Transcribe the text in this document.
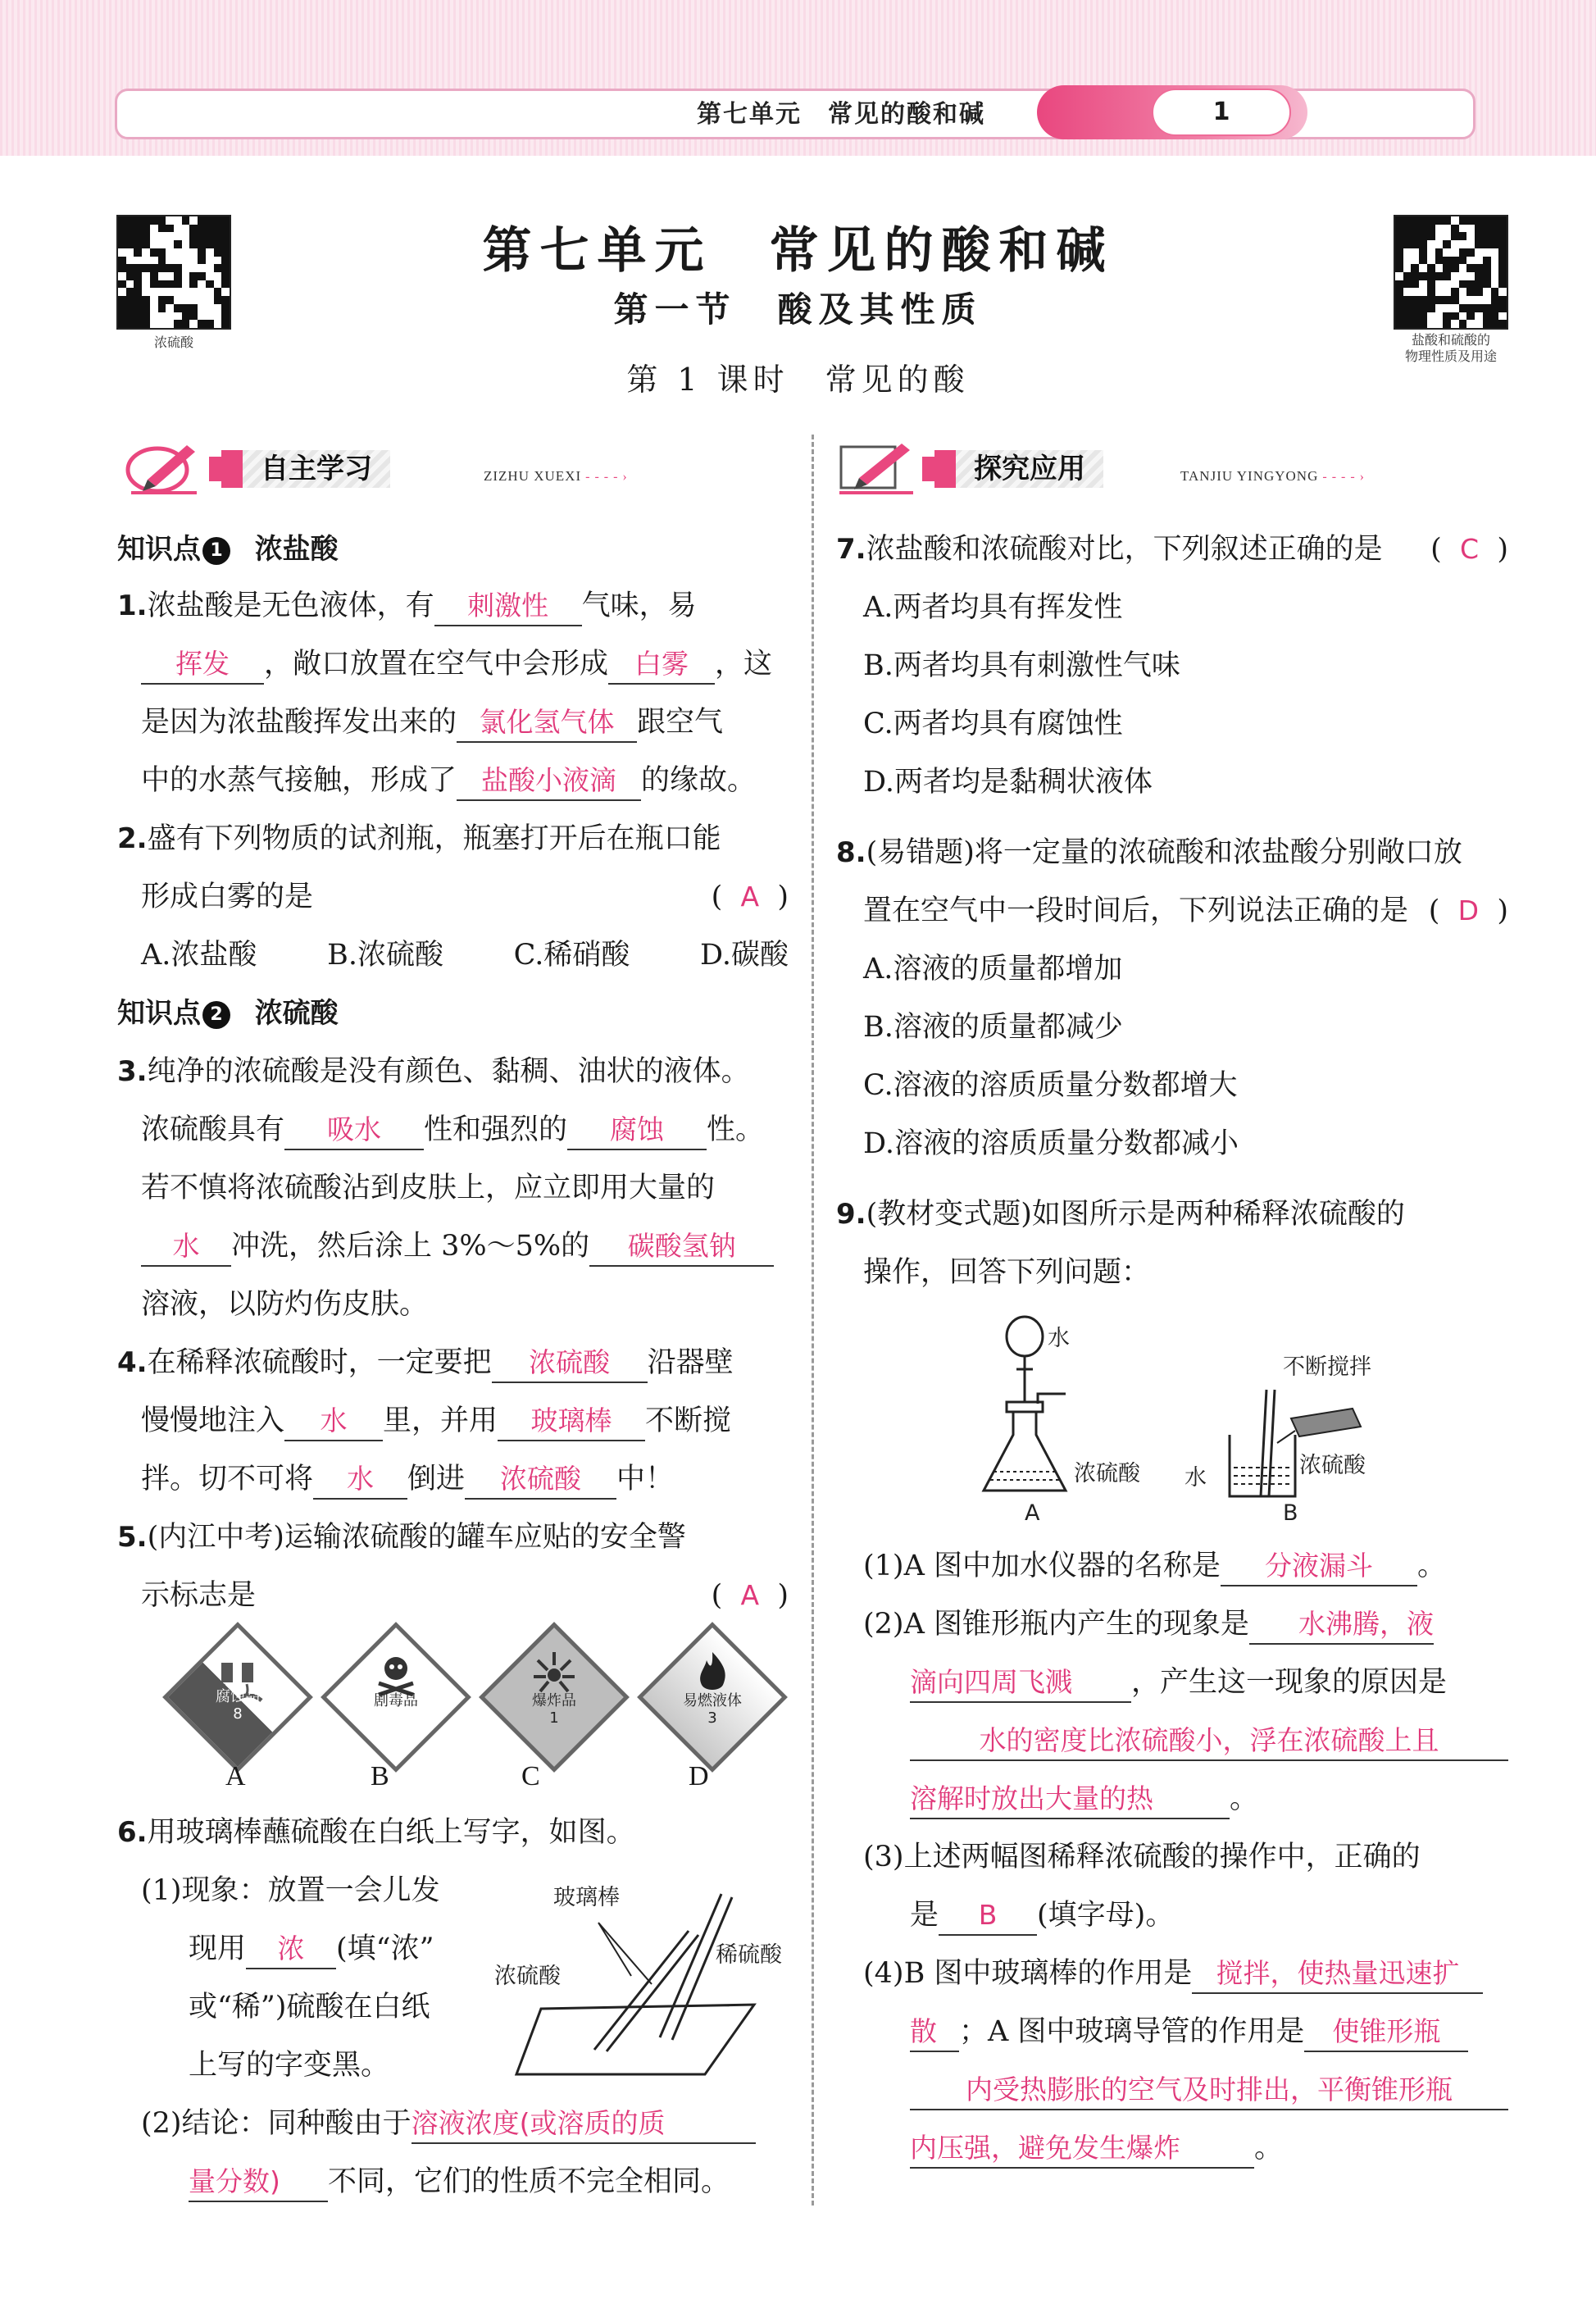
第七单元　常见的酸和碱	1
浓硫酸	盐酸和硫酸的
物理性质及用途
第七单元　常见的酸和碱
第一节　酸及其性质
第 1 课时　常见的酸
自主学习	ZIZHU XUEXI - - - - ›
知识点 1 浓盐酸
1.浓盐酸是无色液体，有 刺激性 气味，易
挥发 ，敞口放置在空气中会形成 白雾 ，这
是因为浓盐酸挥发出来的 氯化氢气体 跟空气
中的水蒸气接触，形成了 盐酸小液滴 的缘故。
2.盛有下列物质的试剂瓶，瓶塞打开后在瓶口能
形成白雾的是	(  A  )
A.浓盐酸 B.浓硫酸 C.稀硝酸 D.碳酸
知识点 2 浓硫酸
3.纯净的浓硫酸是没有颜色、黏稠、油状的液体。
浓硫酸具有 吸水 性和强烈的 腐蚀 性。
若不慎将浓硫酸沾到皮肤上，应立即用大量的
水 冲洗，然后涂上 3%～5%的 碳酸氢钠
溶液，以防灼伤皮肤。
4.在稀释浓硫酸时，一定要把 浓硫酸 沿器壁
慢慢地注入 水 里，并用 玻璃棒 不断搅
拌。切不可将 水 倒进 浓硫酸 中！
5.(内江中考)运输浓硫酸的罐车应贴的安全警
示标志是	(  A  )
腐蚀品
8
剧毒品	爆炸品
1
易燃液体
3
A	B	C	D
6.用玻璃棒蘸硫酸在白纸上写字，如图。
(1)现象：放置一会儿发
现用 浓 (填“浓”
或“稀”)硫酸在白纸
上写的字变黑。
(2)结论：同种酸由于溶液浓度(或溶质的质
量分数) 不同，它们的性质不完全相同。
玻璃棒
浓硫酸
稀硫酸
探究应用	TANJIU YINGYONG - - - - ›
7.浓盐酸和浓硫酸对比，下列叙述正确的是 (  C  )
A.两者均具有挥发性
B.两者均具有刺激性气味
C.两者均具有腐蚀性
D.两者均是黏稠状液体
8.(易错题)将一定量的浓硫酸和浓盐酸分别敞口放
置在空气中一段时间后，下列说法正确的是 (  D  )
A.溶液的质量都增加
B.溶液的质量都减少
C.溶液的溶质质量分数都增大
D.溶液的溶质质量分数都减小
9.(教材变式题)如图所示是两种稀释浓硫酸的
操作，回答下列问题：
水
浓硫酸
不断搅拌
水	浓硫酸
A	B
(1)A 图中加水仪器的名称是 分液漏斗 。
(2)A 图锥形瓶内产生的现象是 水沸腾，液
滴向四周飞溅 ，产生这一现象的原因是
水的密度比浓硫酸小，浮在浓硫酸上且
溶解时放出大量的热	。
(3)上述两幅图稀释浓硫酸的操作中，正确的
是 B (填字母)。
(4)B 图中玻璃棒的作用是 搅拌，使热量迅速扩
散 ；A 图中玻璃导管的作用是 使锥形瓶
内受热膨胀的空气及时排出，平衡锥形瓶
内压强，避免发生爆炸	。
